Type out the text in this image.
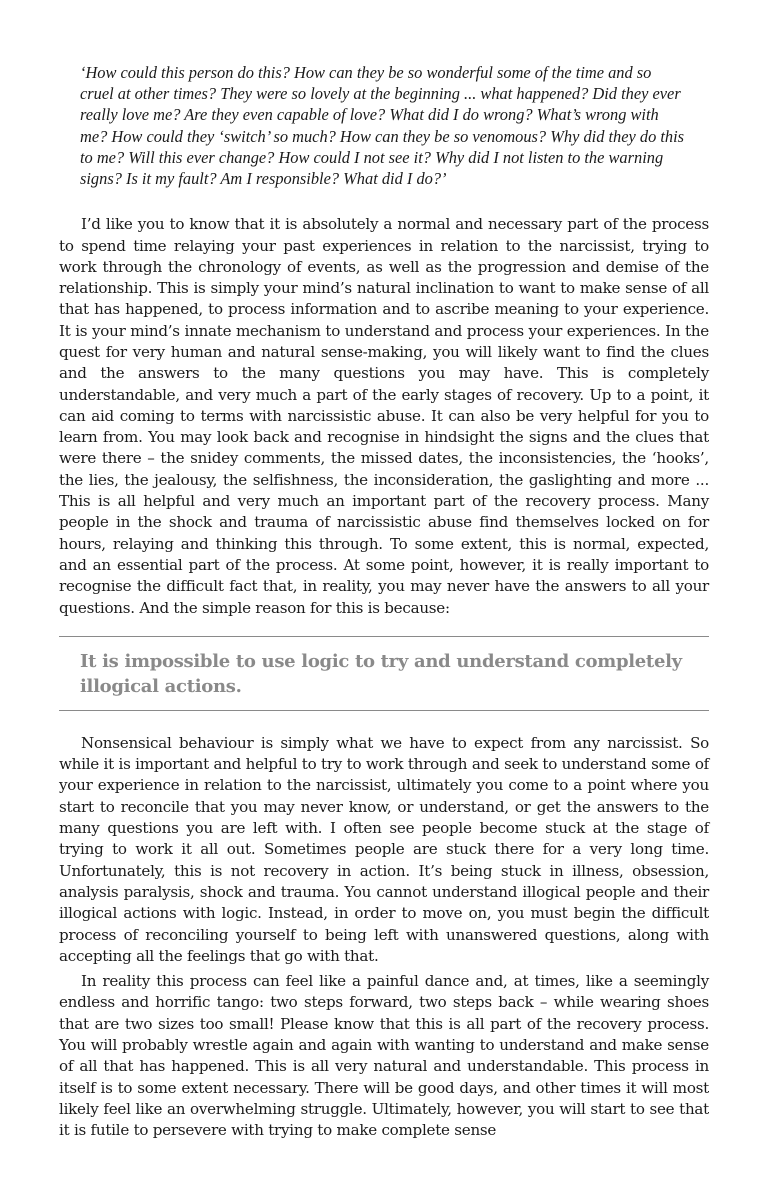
‘How could this person do this? How can they be so wonderful some of the time and so cruel at other times? They were so lovely at the beginning ... what happened? Did they ever really love me? Are they even capable of love? What did I do wrong? What’s wrong with me? How could they ‘switch’ so much? How can they be so venomous? Why did they do this to me? Will this ever change? How could I not see it? Why did I not listen to the warning signs? Is it my fault? Am I responsible? What did I do?’

I’d like you to know that it is absolutely a normal and necessary part of the process to spend time relaying your past experiences in relation to the narcissist, trying to work through the chronology of events, as well as the progression and demise of the relationship. This is simply your mind’s natural inclination to want to make sense of all that has happened, to process information and to ascribe meaning to your experience. It is your mind’s innate mechanism to understand and process your experiences. In the quest for very human and natural sense-making, you will likely want to find the clues and the answers to the many questions you may have. This is completely understandable, and very much a part of the early stages of recovery. Up to a point, it can aid coming to terms with narcissistic abuse. It can also be very helpful for you to learn from. You may look back and recognise in hindsight the signs and the clues that were there – the snidey comments, the missed dates, the inconsistencies, the ‘hooks’, the lies, the jealousy, the selfishness, the inconsideration, the gaslighting and more ... This is all helpful and very much an important part of the recovery process. Many people in the shock and trauma of narcissistic abuse find themselves locked on for hours, relaying and thinking this through. To some extent, this is normal, expected, and an essential part of the process. At some point, however, it is really important to recognise the difficult fact that, in reality, you may never have the answers to all your questions. And the simple reason for this is because:

It is impossible to use logic to try and understand completely illogical actions.

Nonsensical behaviour is simply what we have to expect from any narcissist. So while it is important and helpful to try to work through and seek to understand some of your experience in relation to the narcissist, ultimately you come to a point where you start to reconcile that you may never know, or understand, or get the answers to the many questions you are left with. I often see people become stuck at the stage of trying to work it all out. Sometimes people are stuck there for a very long time. Unfortunately, this is not recovery in action. It’s being stuck in illness, obsession, analysis paralysis, shock and trauma. You cannot understand illogical people and their illogical actions with logic. Instead, in order to move on, you must begin the difficult process of reconciling yourself to being left with unanswered questions, along with accepting all the feelings that go with that.

In reality this process can feel like a painful dance and, at times, like a seemingly endless and horrific tango: two steps forward, two steps back – while wearing shoes that are two sizes too small! Please know that this is all part of the recovery process. You will probably wrestle again and again with wanting to understand and make sense of all that has happened. This is all very natural and understandable. This process in itself is to some extent necessary. There will be good days, and other times it will most likely feel like an overwhelming struggle. Ultimately, however, you will start to see that it is futile to persevere with trying to make complete sense
